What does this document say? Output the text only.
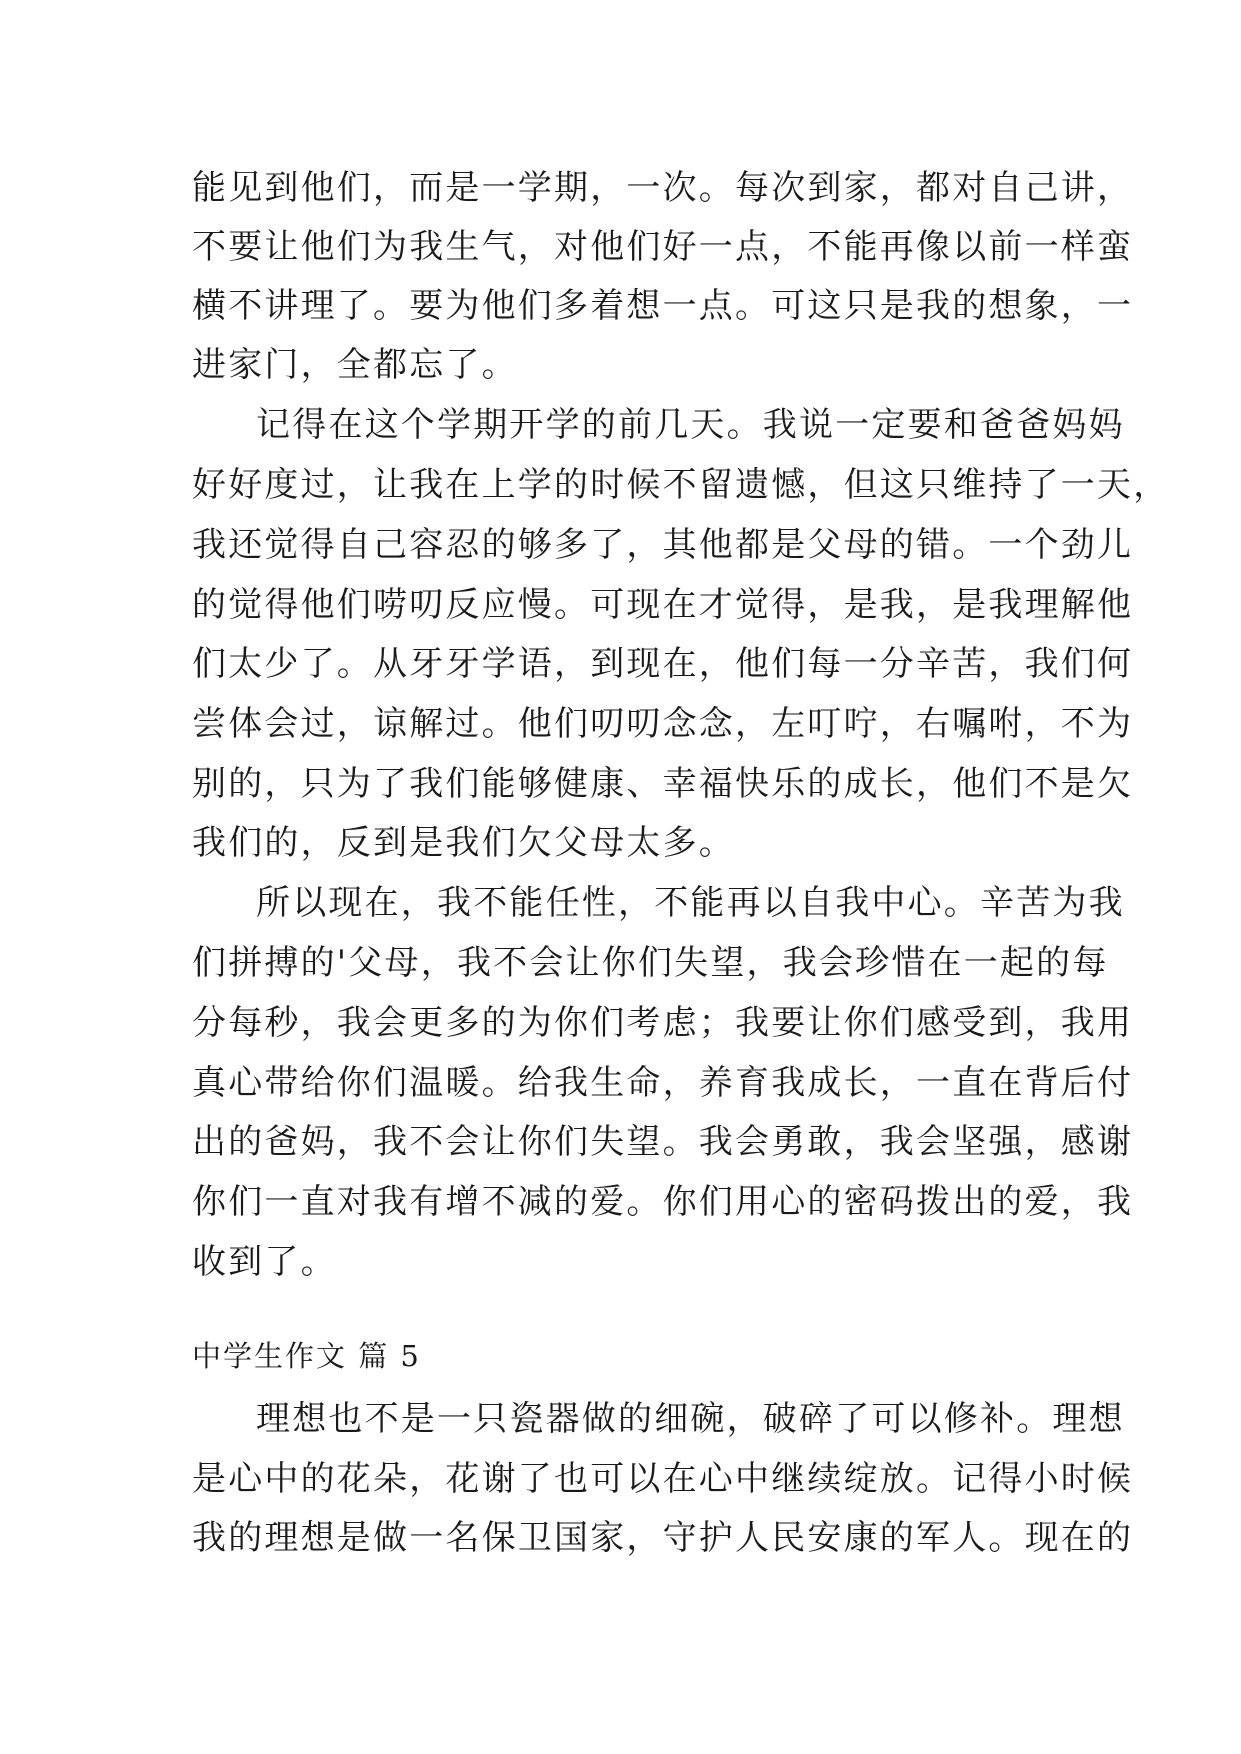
能见到他们，而是一学期，一次。每次到家，都对自己讲，
不要让他们为我生气，对他们好一点，不能再像以前一样蛮
横不讲理了。要为他们多着想一点。可这只是我的想象，一
进家门，全都忘了。
记得在这个学期开学的前几天。我说一定要和爸爸妈妈
好好度过，让我在上学的时候不留遗憾，但这只维持了一天，
我还觉得自己容忍的够多了，其他都是父母的错。一个劲儿
的觉得他们唠叨反应慢。可现在才觉得，是我，是我理解他
们太少了。从牙牙学语，到现在，他们每一分辛苦，我们何
尝体会过，谅解过。他们叨叨念念，左叮咛，右嘱咐，不为
别的，只为了我们能够健康、幸福快乐的成长，他们不是欠
我们的，反到是我们欠父母太多。
所以现在，我不能任性，不能再以自我中心。辛苦为我
们拼搏的'父母，我不会让你们失望，我会珍惜在一起的每
分每秒，我会更多的为你们考虑；我要让你们感受到，我用
真心带给你们温暖。给我生命，养育我成长，一直在背后付
出的爸妈，我不会让你们失望。我会勇敢，我会坚强，感谢
你们一直对我有增不减的爱。你们用心的密码拨出的爱，我
收到了。
中学生作文 篇 5
理想也不是一只瓷器做的细碗，破碎了可以修补。理想
是心中的花朵，花谢了也可以在心中继续绽放。记得小时候
我的理想是做一名保卫国家，守护人民安康的军人。现在的
